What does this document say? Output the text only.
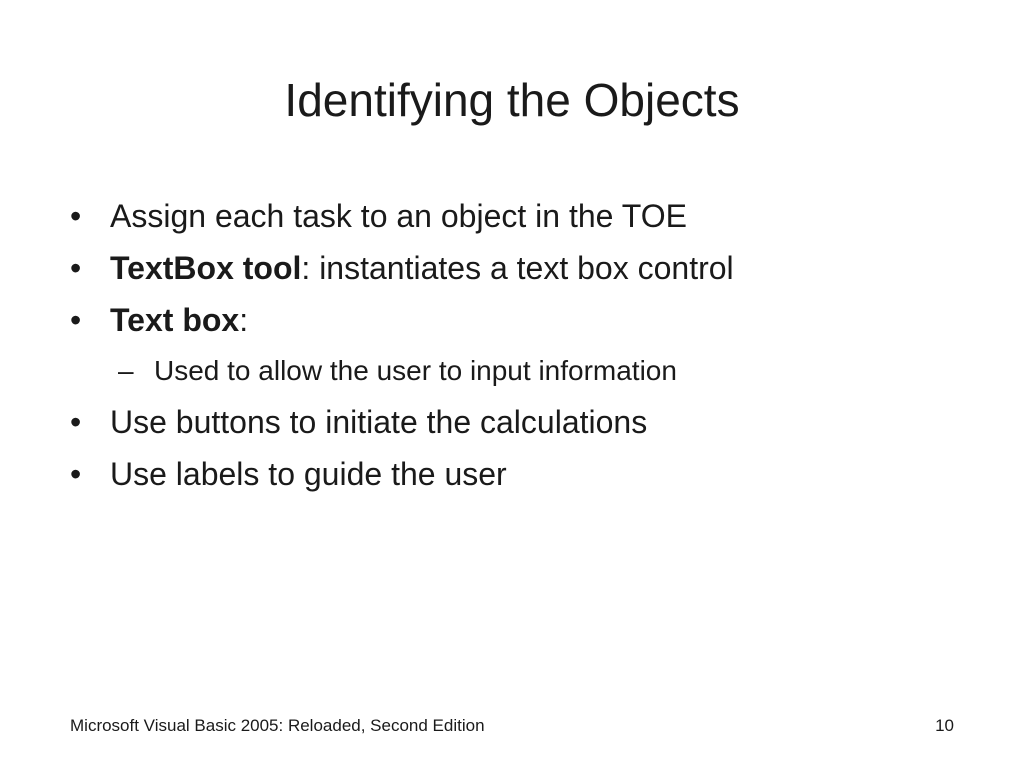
Identifying the Objects
• Assign each task to an object in the TOE
• TextBox tool: instantiates a text box control
• Text box:
– Used to allow the user to input information
• Use buttons to initiate the calculations
• Use labels to guide the user
Microsoft Visual Basic 2005: Reloaded, Second Edition	10
